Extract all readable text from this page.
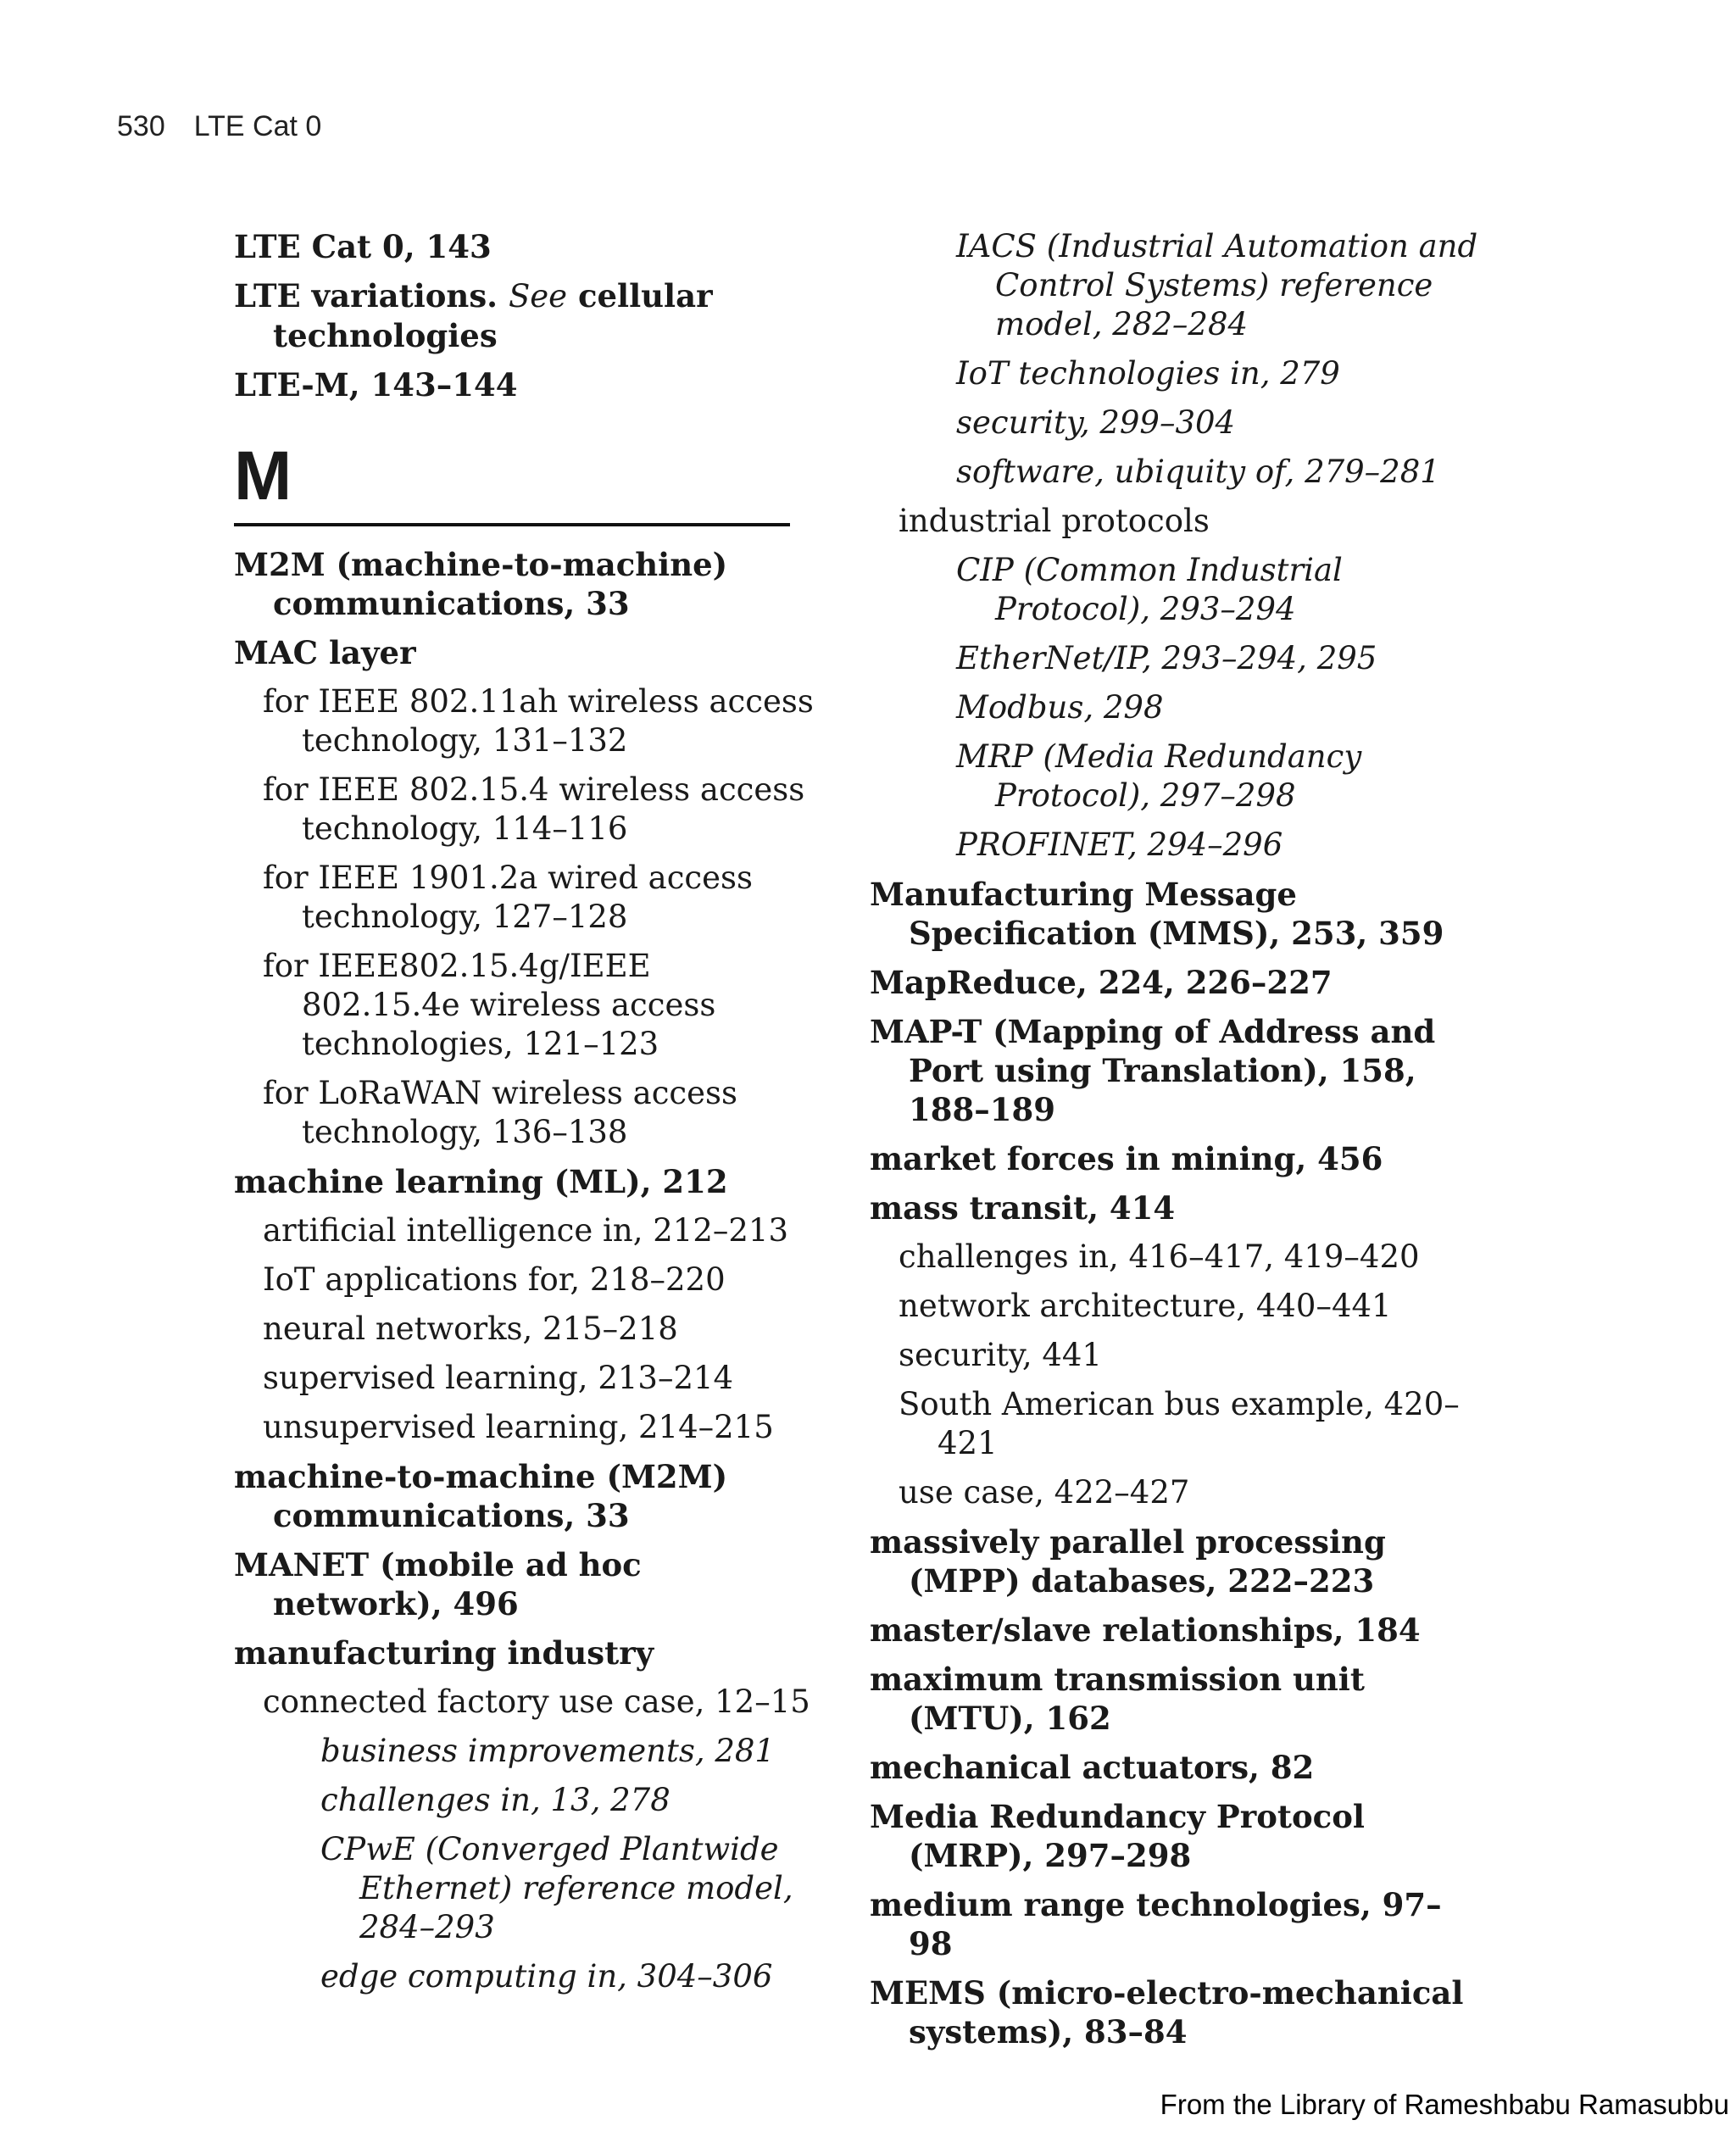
530 LTE Cat 0
LTE Cat 0, 143
LTE variations. See cellular technologies
LTE-M, 143–144
M
M2M (machine-to-machine) communications, 33
MAC layer
for IEEE 802.11ah wireless access technology, 131–132
for IEEE 802.15.4 wireless access technology, 114–116
for IEEE 1901.2a wired access technology, 127–128
for IEEE802.15.4g/IEEE 802.15.4e wireless access technologies, 121–123
for LoRaWAN wireless access technology, 136–138
machine learning (ML), 212
artificial intelligence in, 212–213
IoT applications for, 218–220
neural networks, 215–218
supervised learning, 213–214
unsupervised learning, 214–215
machine-to-machine (M2M) communications, 33
MANET (mobile ad hoc network), 496
manufacturing industry
connected factory use case, 12–15
business improvements, 281
challenges in, 13, 278
CPwE (Converged Plantwide Ethernet) reference model, 284–293
edge computing in, 304–306
IACS (Industrial Automation and Control Systems) reference model, 282–284
IoT technologies in, 279
security, 299–304
software, ubiquity of, 279–281
industrial protocols
CIP (Common Industrial Protocol), 293–294
EtherNet/IP, 293–294, 295
Modbus, 298
MRP (Media Redundancy Protocol), 297–298
PROFINET, 294–296
Manufacturing Message Specification (MMS), 253, 359
MapReduce, 224, 226–227
MAP-T (Mapping of Address and Port using Translation), 158, 188–189
market forces in mining, 456
mass transit, 414
challenges in, 416–417, 419–420
network architecture, 440–441
security, 441
South American bus example, 420–421
use case, 422–427
massively parallel processing (MPP) databases, 222–223
master/slave relationships, 184
maximum transmission unit (MTU), 162
mechanical actuators, 82
Media Redundancy Protocol (MRP), 297–298
medium range technologies, 97–98
MEMS (micro-electro-mechanical systems), 83–84
From the Library of Rameshbabu Ramasubbu
